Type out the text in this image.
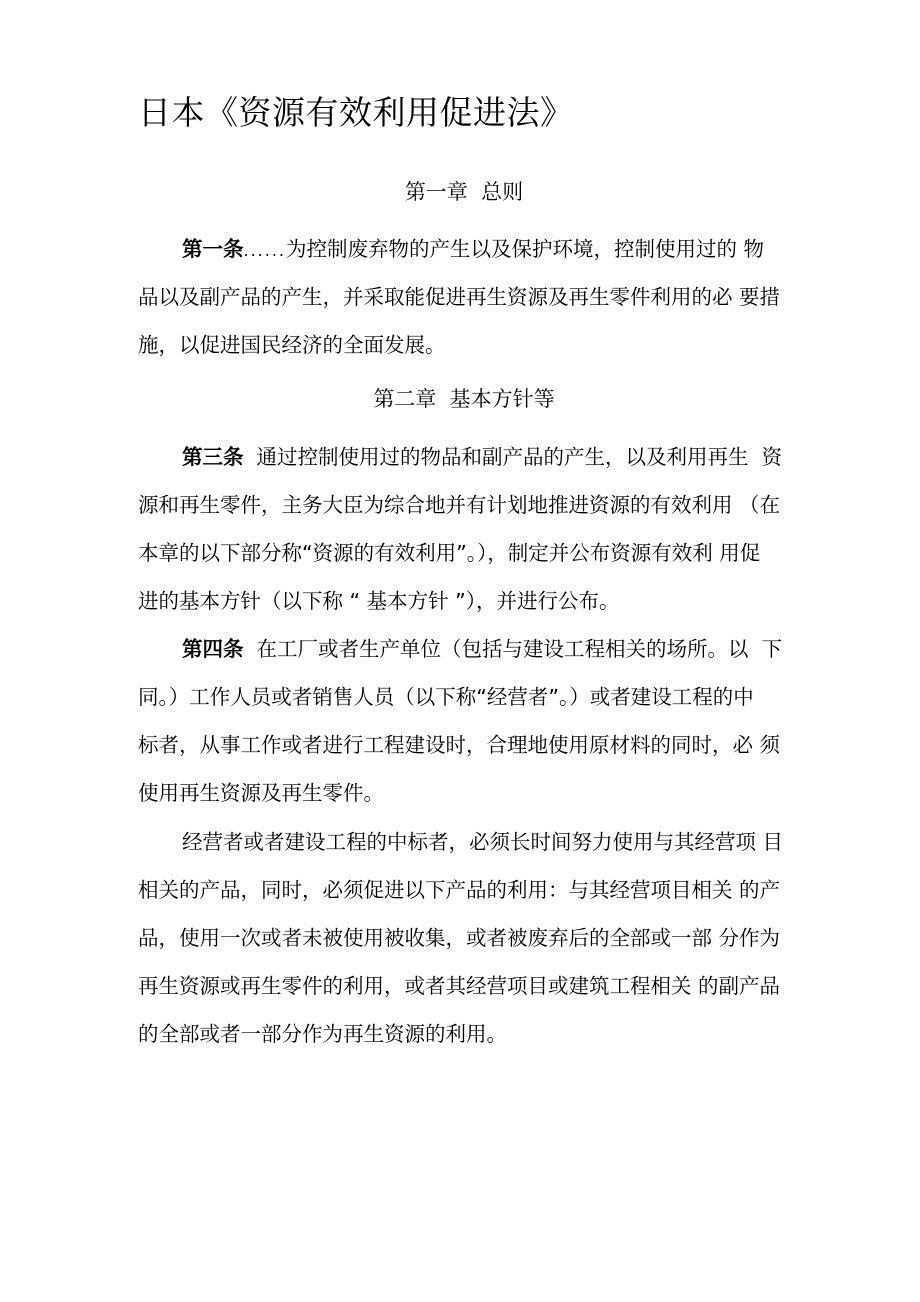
日本《资源有效利用促进法》
第一章  总则
第一条......为控制废弃物的产生以及保护环境，控制使用过的 物
品以及副产品的产生，并采取能促进再生资源及再生零件利用的必 要措
施，以促进国民经济的全面发展。
第二章  基本方针等
第三条  通过控制使用过的物品和副产品的产生，以及利用再生  资
源和再生零件，主务大臣为综合地并有计划地推进资源的有效利用 （在
本章的以下部分称“资源的有效利用”。），制定并公布资源有效利 用促
进的基本方针（以下称 “ 基本方针 ”），并进行公布。
第四条  在工厂或者生产单位（包括与建设工程相关的场所。以  下
同。）工作人员或者销售人员（以下称“经营者”。）或者建设工程的中
标者，从事工作或者进行工程建设时，合理地使用原材料的同时，必 须
使用再生资源及再生零件。
经营者或者建设工程的中标者，必须长时间努力使用与其经营项 目
相关的产品，同时，必须促进以下产品的利用：与其经营项目相关 的产
品，使用一次或者未被使用被收集，或者被废弃后的全部或一部 分作为
再生资源或再生零件的利用，或者其经营项目或建筑工程相关 的副产品
的全部或者一部分作为再生资源的利用。
